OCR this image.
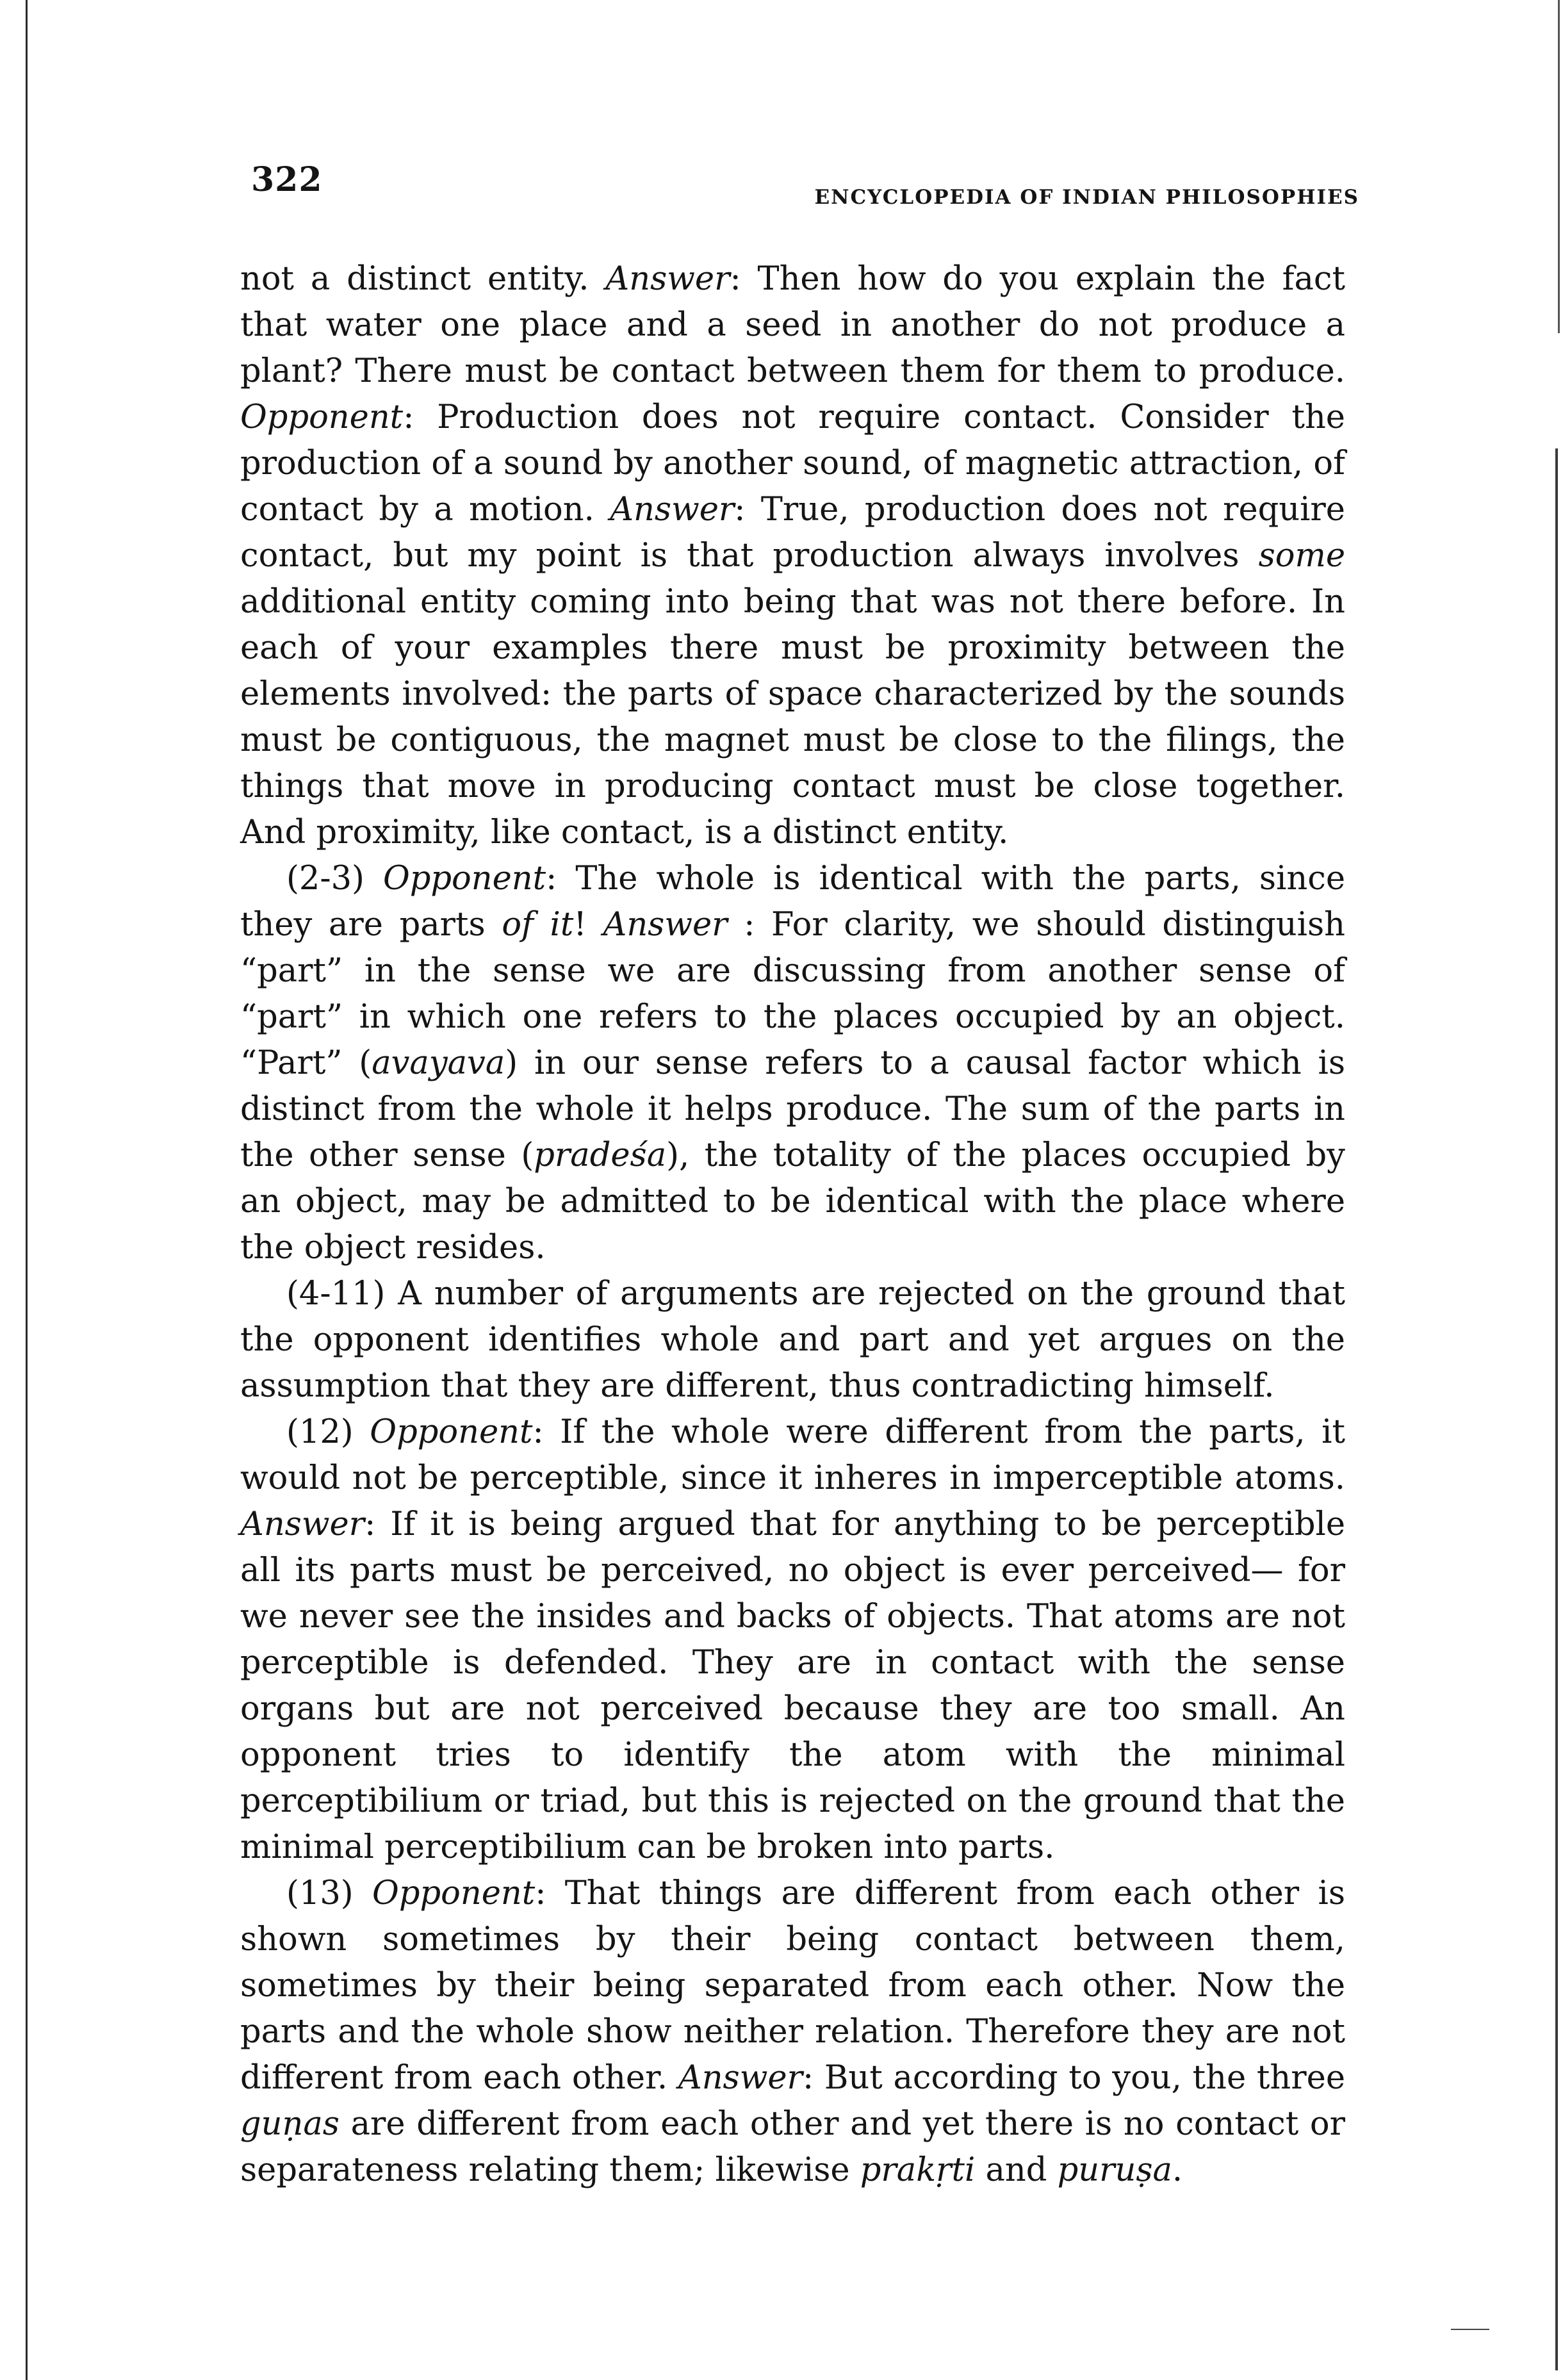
322	ENCYCLOPEDIA OF INDIAN PHILOSOPHIES

not a distinct entity. Answer: Then how do you explain the fact that water one place and a seed in another do not produce a plant? There must be contact between them for them to produce. Opponent: Production does not require contact. Consider the production of a sound by another sound, of magnetic attraction, of contact by a motion. Answer: True, production does not require contact, but my point is that production always involves some additional entity coming into being that was not there before. In each of your examples there must be proximity between the elements involved: the parts of space characterized by the sounds must be contiguous, the magnet must be close to the filings, the things that move in producing contact must be close together. And proximity, like contact, is a distinct entity.

(2-3) Opponent: The whole is identical with the parts, since they are parts of it! Answer : For clarity, we should distinguish “part” in the sense we are discussing from another sense of “part” in which one refers to the places occupied by an object. “Part” (avayava) in our sense refers to a causal factor which is distinct from the whole it helps produce. The sum of the parts in the other sense (pradeśa), the totality of the places occupied by an object, may be admitted to be identical with the place where the object resides.

(4-11) A number of arguments are rejected on the ground that the opponent identifies whole and part and yet argues on the assumption that they are different, thus contradicting himself.

(12) Opponent: If the whole were different from the parts, it would not be perceptible, since it inheres in imperceptible atoms. Answer: If it is being argued that for anything to be perceptible all its parts must be perceived, no object is ever perceived— for we never see the insides and backs of objects. That atoms are not perceptible is defended. They are in contact with the sense organs but are not perceived because they are too small. An opponent tries to identify the atom with the minimal perceptibilium or triad, but this is rejected on the ground that the minimal perceptibilium can be broken into parts.

(13) Opponent: That things are different from each other is shown sometimes by their being contact between them, sometimes by their being separated from each other. Now the parts and the whole show neither relation. Therefore they are not different from each other. Answer: But according to you, the three guṇas are different from each other and yet there is no contact or separateness relating them; likewise prakṛti and puruṣa.
